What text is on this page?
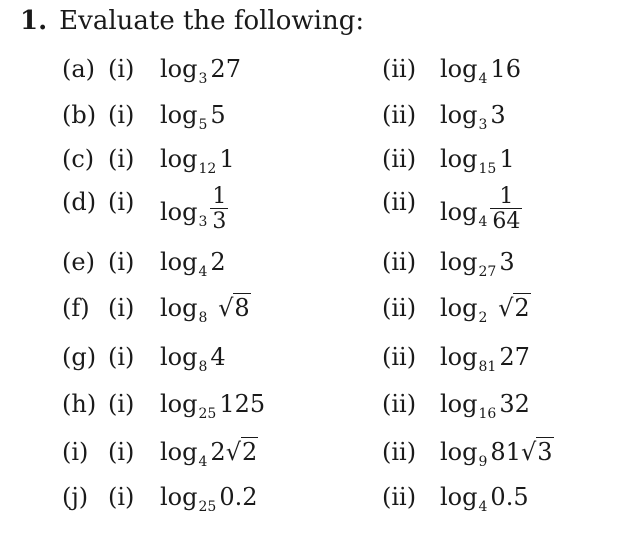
1. Evaluate the following:
(a) (i) $\log_3 27$	(ii) $\log_4 16$
(b) (i) $\log_5 5$	(ii) $\log_3 3$
(c) (i) $\log_{12} 1$	(ii) $\log_{15} 1$
(d) (i) $\log_3 \frac{1}{3}$	(ii) $\log_4 \frac{1}{64}$
(e) (i) $\log_4 2$	(ii) $\log_{27} 3$
(f) (i) $\log_8 √8$	(ii) $\log_2 √2$
(g) (i) $\log_8 4$	(ii) $\log_{81} 27$
(h) (i) $\log_{25} 125$	(ii) $\log_{16} 32$
(i) (i) $\log_4 2√2$	(ii) $\log_9 81√3$
(j) (i) $\log_{25} 0.2$	(ii) $\log_4 0.5$
